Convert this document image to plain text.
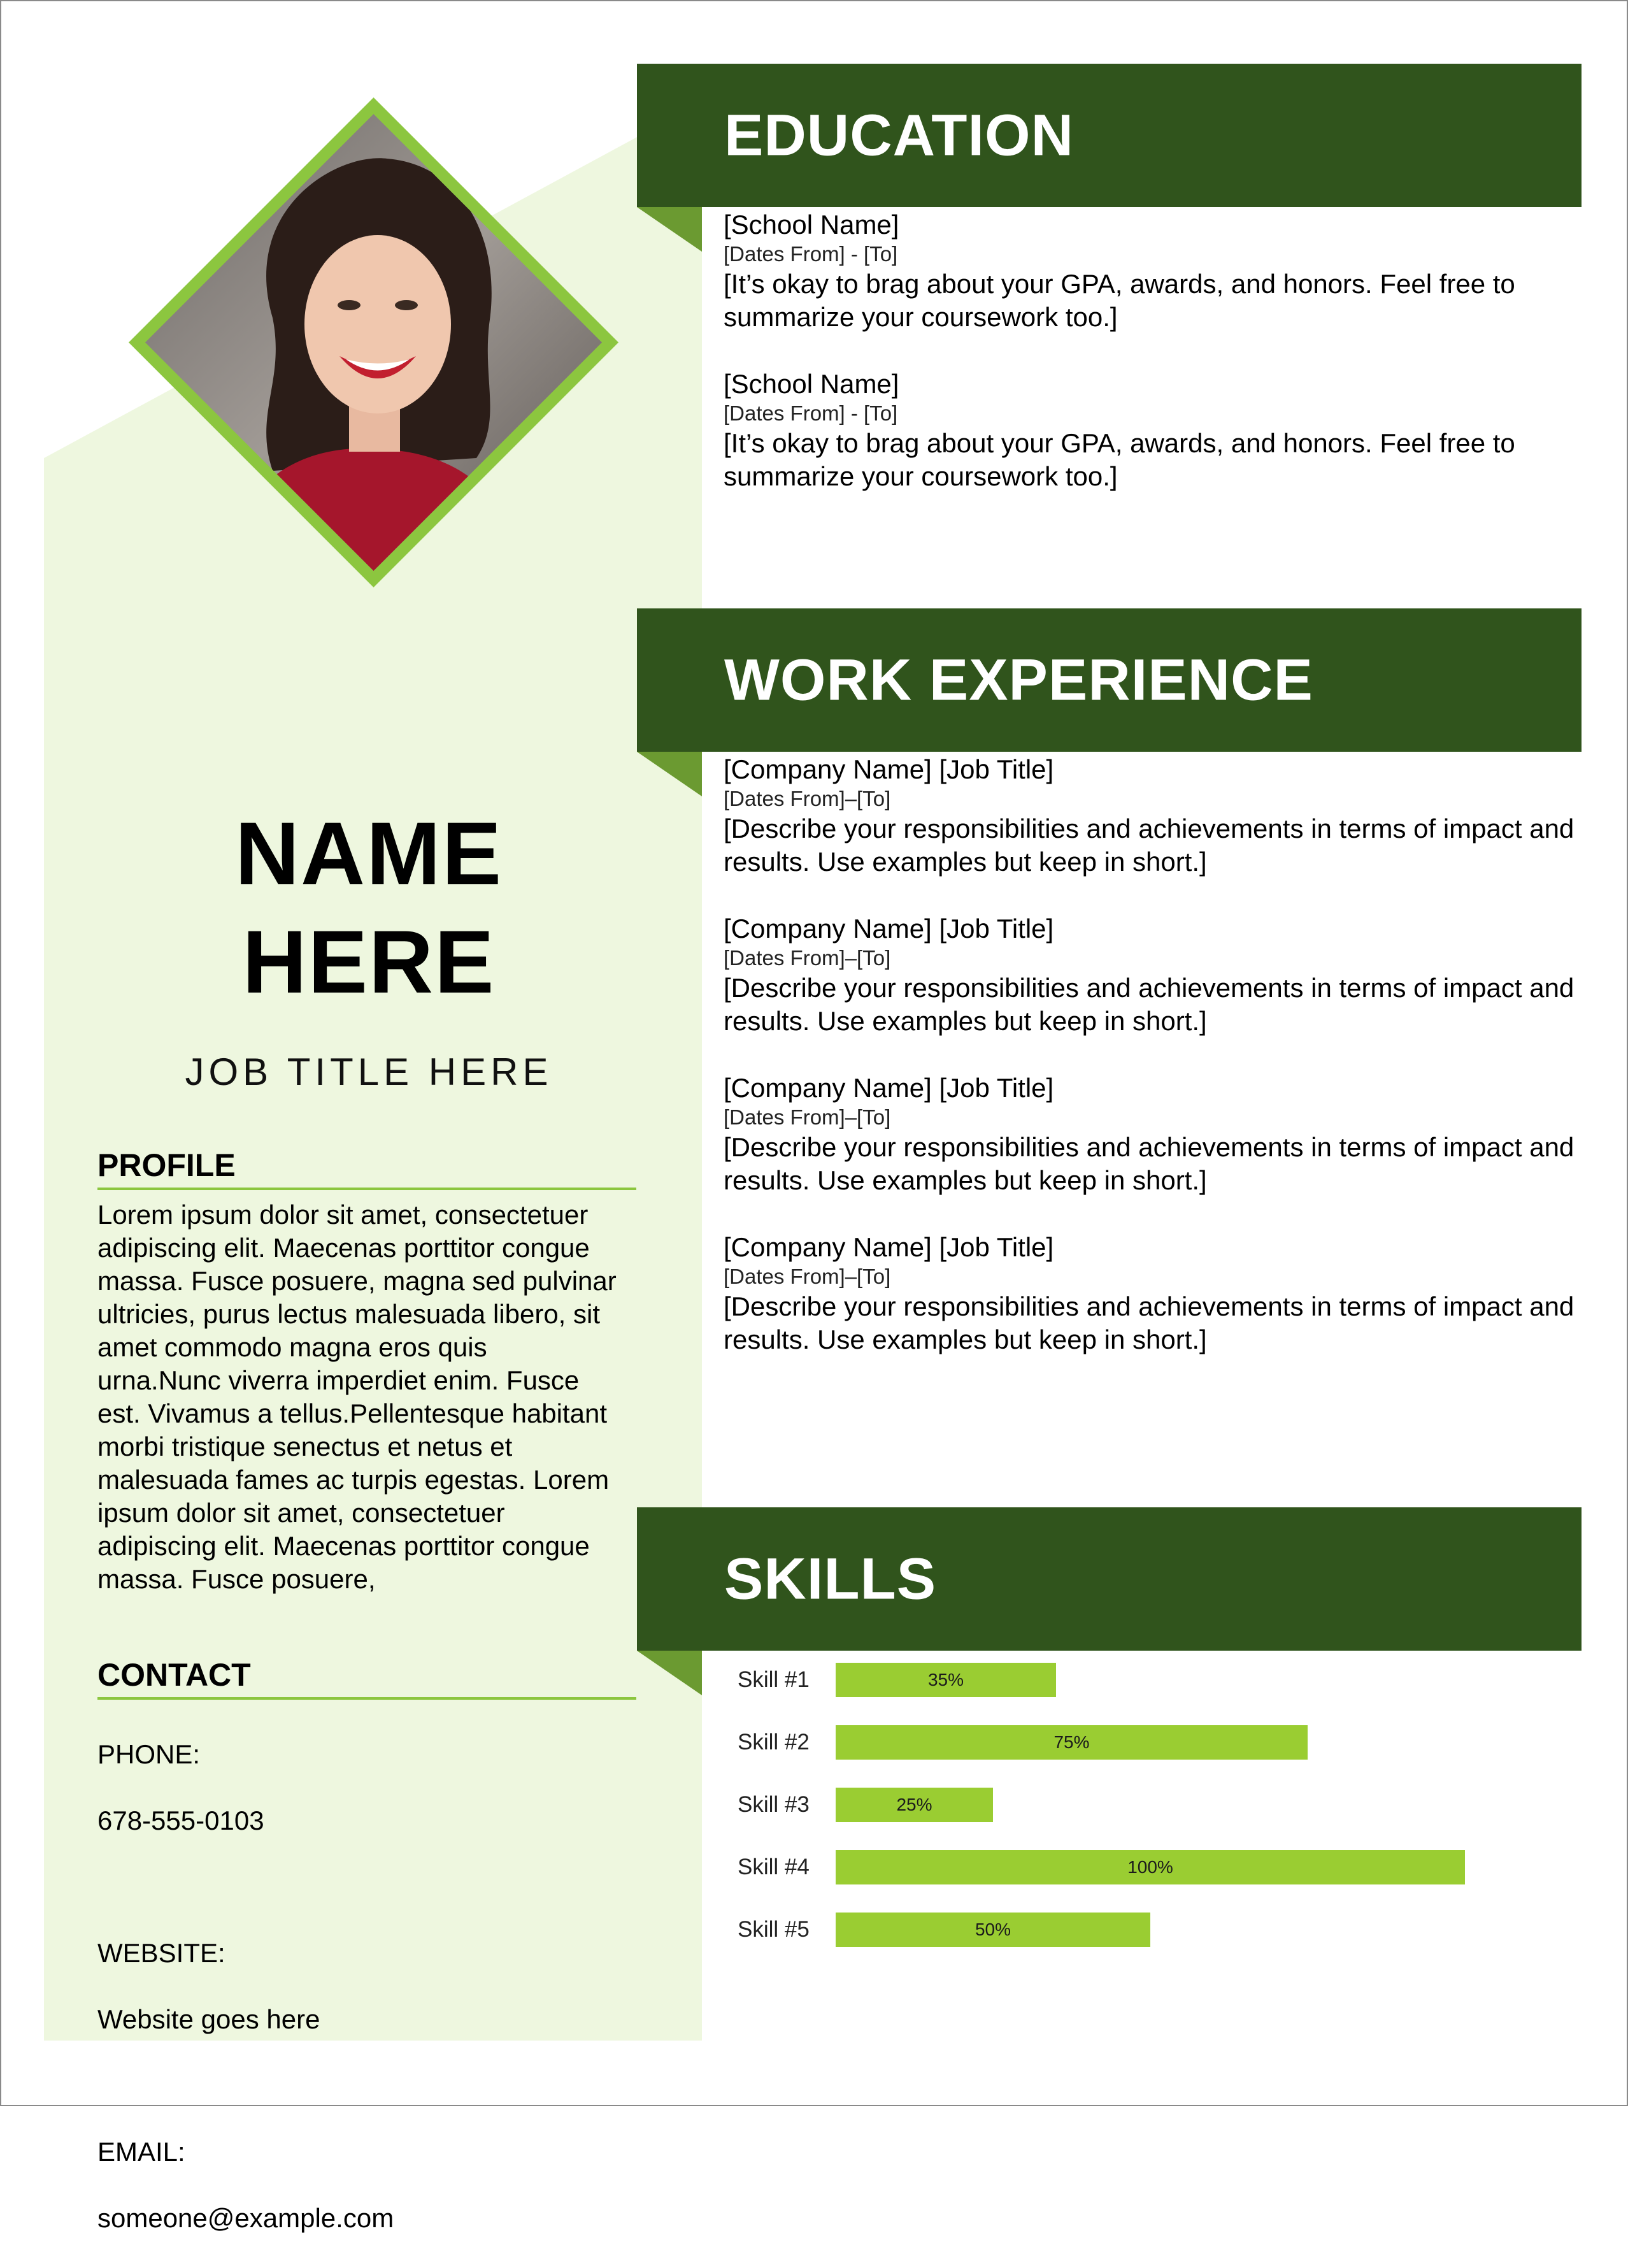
NAME
HERE
JOB TITLE HERE
PROFILE
Lorem ipsum dolor sit amet, consectetuer
adipiscing elit. Maecenas porttitor congue
massa. Fusce posuere, magna sed pulvinar
ultricies, purus lectus malesuada libero, sit
amet commodo magna eros quis
urna.Nunc viverra imperdiet enim. Fusce
est. Vivamus a tellus.Pellentesque habitant
morbi tristique senectus et netus et
malesuada fames ac turpis egestas. Lorem
ipsum dolor sit amet, consectetuer
adipiscing elit. Maecenas porttitor congue
massa. Fusce posuere,
CONTACT

PHONE:

678-555-0103

WEBSITE:

Website goes here

EMAIL:

someone@example.com

EDUCATION
[School Name]
[Dates From] - [To]
[It’s okay to brag about your GPA, awards, and honors. Feel free to summarize your coursework too.]
[School Name]
[Dates From] - [To]
[It’s okay to brag about your GPA, awards, and honors. Feel free to summarize your coursework too.]
WORK EXPERIENCE
[Company Name] [Job Title]
[Dates From]–[To]
[Describe your responsibilities and achievements in terms of impact and results. Use examples but keep in short.]
[Company Name] [Job Title]
[Dates From]–[To]
[Describe your responsibilities and achievements in terms of impact and results. Use examples but keep in short.]
[Company Name] [Job Title]
[Dates From]–[To]
[Describe your responsibilities and achievements in terms of impact and results. Use examples but keep in short.]
[Company Name] [Job Title]
[Dates From]–[To]
[Describe your responsibilities and achievements in terms of impact and results. Use examples but keep in short.]
SKILLS
Skill #1	35%
Skill #2	75%
Skill #3	25%
Skill #4	100%
Skill #5	50%
